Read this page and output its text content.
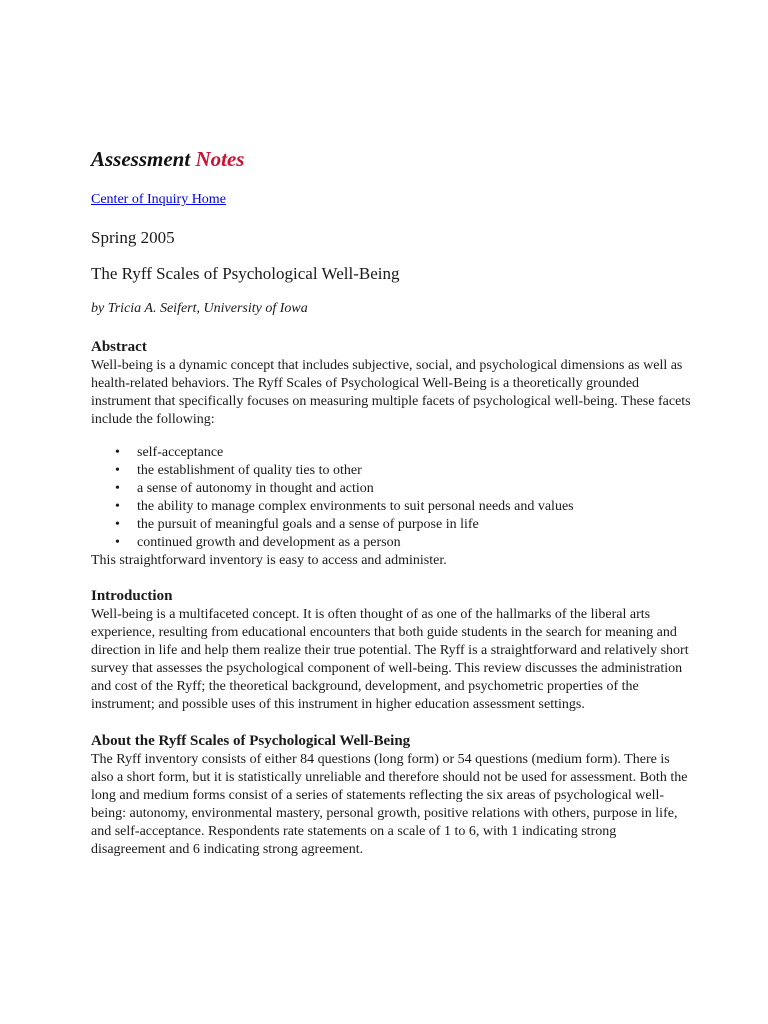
Assessment Notes
Center of Inquiry Home

Spring 2005

The Ryff Scales of Psychological Well-Being

by Tricia A. Seifert, University of Iowa

Abstract

Well-being is a dynamic concept that includes subjective, social, and psychological dimensions as well as health-related behaviors. The Ryff Scales of Psychological Well-Being is a theoretically grounded instrument that specifically focuses on measuring multiple facets of psychological well-being. These facets include the following:

• self-acceptance
• the establishment of quality ties to other
• a sense of autonomy in thought and action
• the ability to manage complex environments to suit personal needs and values
• the pursuit of meaningful goals and a sense of purpose in life
• continued growth and development as a person

This straightforward inventory is easy to access and administer.

Introduction

Well-being is a multifaceted concept. It is often thought of as one of the hallmarks of the liberal arts experience, resulting from educational encounters that both guide students in the search for meaning and direction in life and help them realize their true potential. The Ryff is a straightforward and relatively short survey that assesses the psychological component of well-being. This review discusses the administration and cost of the Ryff; the theoretical background, development, and psychometric properties of the instrument; and possible uses of this instrument in higher education assessment settings.

About the Ryff Scales of Psychological Well-Being

The Ryff inventory consists of either 84 questions (long form) or 54 questions (medium form). There is also a short form, but it is statistically unreliable and therefore should not be used for assessment. Both the long and medium forms consist of a series of statements reflecting the six areas of psychological well-being: autonomy, environmental mastery, personal growth, positive relations with others, purpose in life, and self-acceptance. Respondents rate statements on a scale of 1 to 6, with 1 indicating strong disagreement and 6 indicating strong agreement.
